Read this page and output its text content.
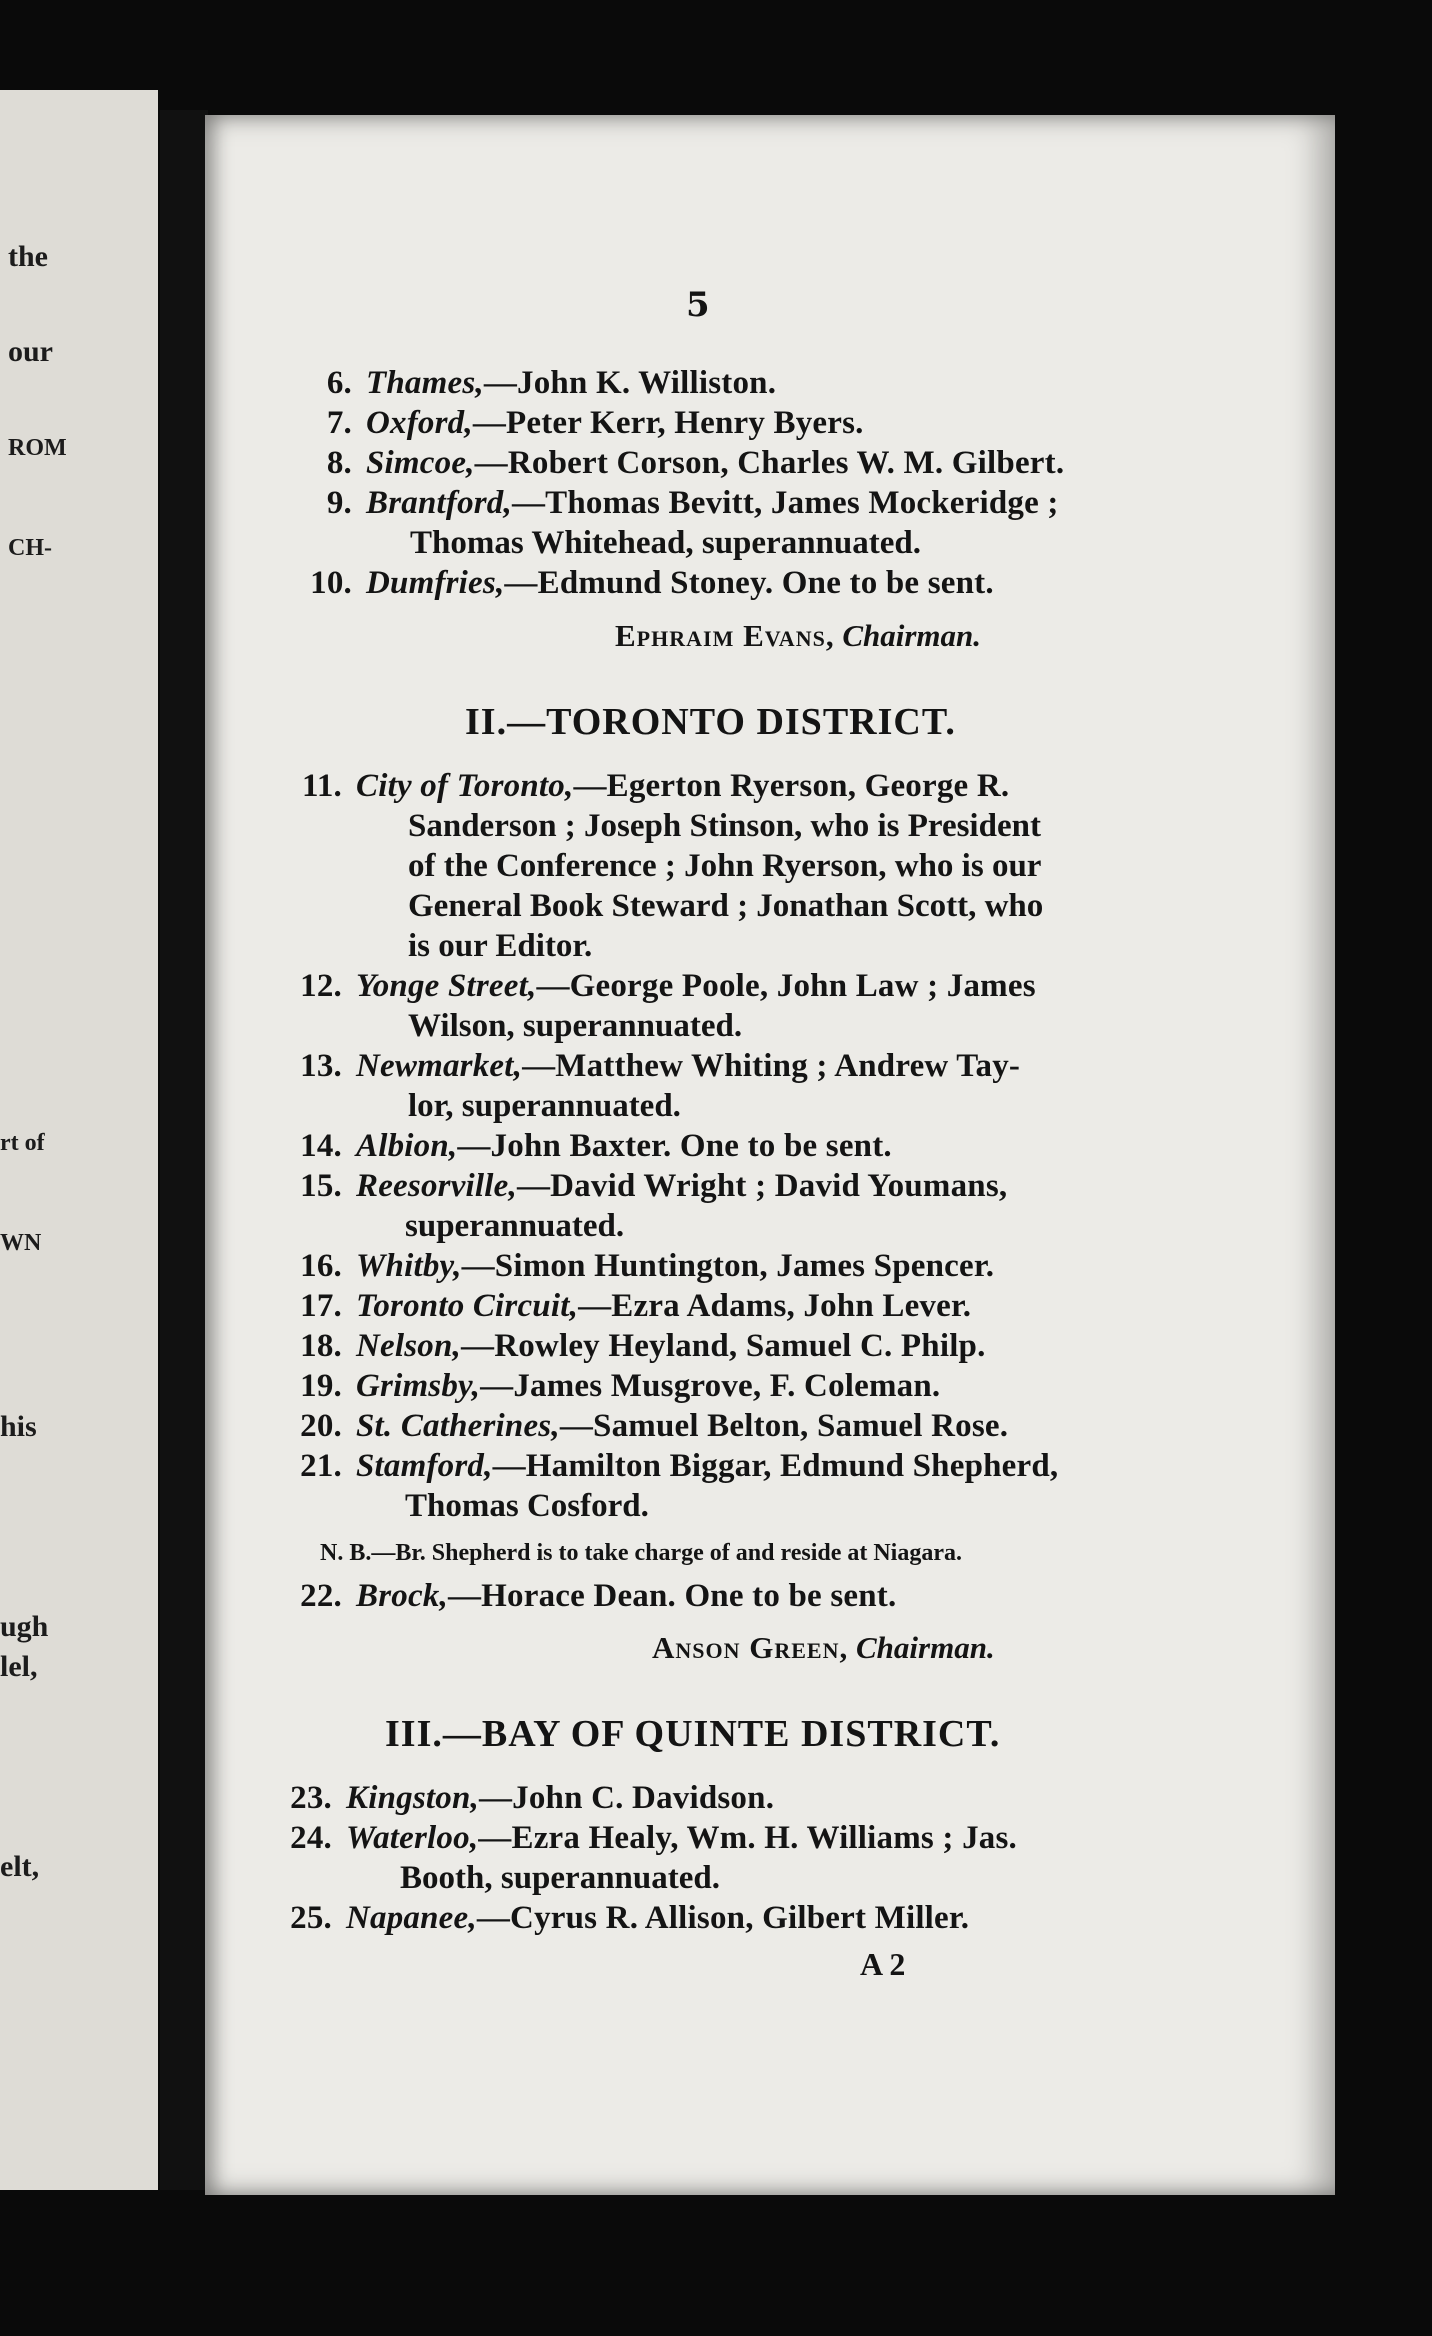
the
our
ROM
CH-
rt of
WN
his
ugh
lel,
elt,
5
6. Thames,—John K. Williston.
7. Oxford,—Peter Kerr, Henry Byers.
8. Simcoe,—Robert Corson, Charles W. M. Gilbert.
9. Brantford,—Thomas Bevitt, James Mockeridge ;
Thomas Whitehead, superannuated.
10. Dumfries,—Edmund Stoney. One to be sent.
Ephraim Evans, Chairman.
II.—TORONTO DISTRICT.
11. City of Toronto,—Egerton Ryerson, George R.
Sanderson ; Joseph Stinson, who is President
of the Conference ; John Ryerson, who is our
General Book Steward ; Jonathan Scott, who
is our Editor.
12. Yonge Street,—George Poole, John Law ; James
Wilson, superannuated.
13. Newmarket,—Matthew Whiting ; Andrew Tay-
lor, superannuated.
14. Albion,—John Baxter. One to be sent.
15. Reesorville,—David Wright ; David Youmans,
superannuated.
16. Whitby,—Simon Huntington, James Spencer.
17. Toronto Circuit,—Ezra Adams, John Lever.
18. Nelson,—Rowley Heyland, Samuel C. Philp.
19. Grimsby,—James Musgrove, F. Coleman.
20. St. Catherines,—Samuel Belton, Samuel Rose.
21. Stamford,—Hamilton Biggar, Edmund Shepherd,
Thomas Cosford.
N. B.—Br. Shepherd is to take charge of and reside at Niagara.
22. Brock,—Horace Dean. One to be sent.
Anson Green, Chairman.
III.—BAY OF QUINTE DISTRICT.
23. Kingston,—John C. Davidson.
24. Waterloo,—Ezra Healy, Wm. H. Williams ; Jas.
Booth, superannuated.
25. Napanee,—Cyrus R. Allison, Gilbert Miller.
A 2
